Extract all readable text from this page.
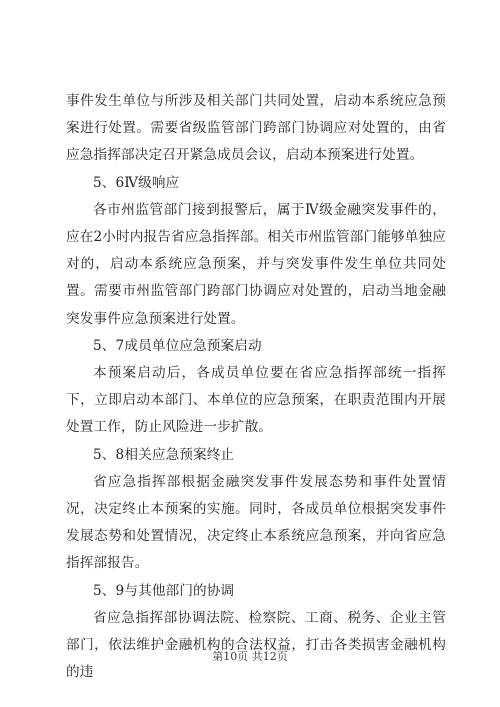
事件发生单位与所涉及相关部门共同处置，启动本系统应急预案进行处置。需要省级监管部门跨部门协调应对处置的，由省应急指挥部决定召开紧急成员会议，启动本预案进行处置。

5、6Ⅳ级响应

各市州监管部门接到报警后，属于Ⅳ级金融突发事件的，应在2小时内报告省应急指挥部。相关市州监管部门能够单独应对的，启动本系统应急预案，并与突发事件发生单位共同处置。需要市州监管部门跨部门协调应对处置的，启动当地金融突发事件应急预案进行处置。

5、7成员单位应急预案启动

本预案启动后，各成员单位要在省应急指挥部统一指挥下，立即启动本部门、本单位的应急预案，在职责范围内开展处置工作，防止风险进一步扩散。

5、8相关应急预案终止

省应急指挥部根据金融突发事件发展态势和事件处置情况，决定终止本预案的实施。同时，各成员单位根据突发事件发展态势和处置情况，决定终止本系统应急预案，并向省应急指挥部报告。

5、9与其他部门的协调

省应急指挥部协调法院、检察院、工商、税务、企业主管部门，依法维护金融机构的合法权益，打击各类损害金融机构的违

第10页 共12页
